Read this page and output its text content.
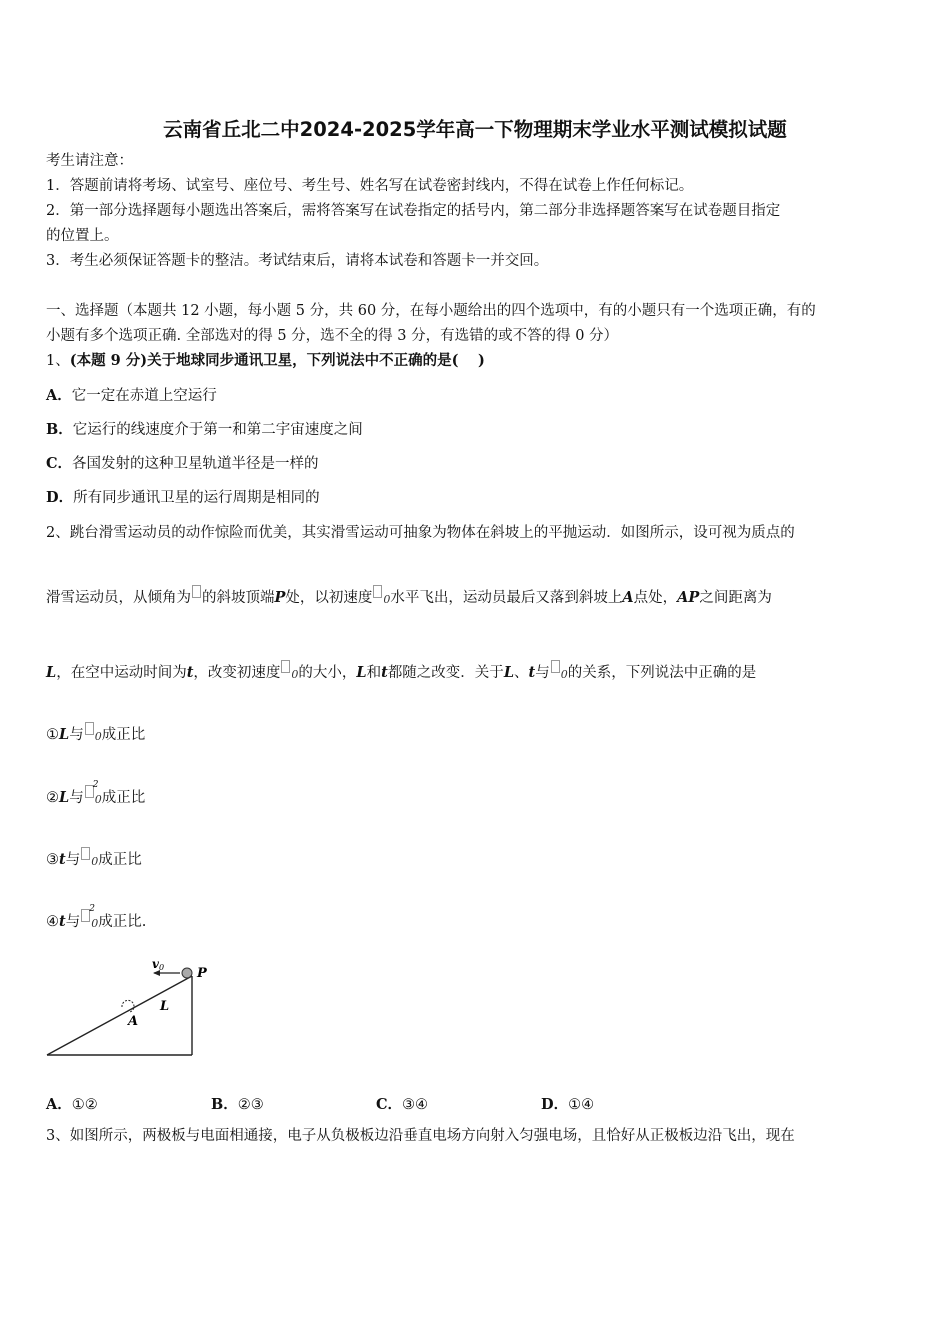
云南省丘北二中2024-2025学年高一下物理期末学业水平测试模拟试题
考生请注意：
1．答题前请将考场、试室号、座位号、考生号、姓名写在试卷密封线内，不得在试卷上作任何标记。
2．第一部分选择题每小题选出答案后，需将答案写在试卷指定的括号内，第二部分非选择题答案写在试卷题目指定
的位置上。
3．考生必须保证答题卡的整洁。考试结束后，请将本试卷和答题卡一并交回。
一、选择题（本题共 12 小题，每小题 5 分，共 60 分，在每小题给出的四个选项中，有的小题只有一个选项正确，有的
小题有多个选项正确. 全部选对的得 5 分，选不全的得 3 分，有选错的或不答的得 0 分）
1、(本题 9 分)关于地球同步通讯卫星，下列说法中不正确的是(　 )
A．它一定在赤道上空运行
B．它运行的线速度介于第一和第二宇宙速度之间
C．各国发射的这种卫星轨道半径是一样的
D．所有同步通讯卫星的运行周期是相同的
2、跳台滑雪运动员的动作惊险而优美，其实滑雪运动可抽象为物体在斜坡上的平抛运动．如图所示，设可视为质点的
滑雪运动员，从倾角为 的斜坡顶端P处，以初速度 0水平飞出，运动员最后又落到斜坡上A点处，AP之间距离为
L，在空中运动时间为t，改变初速度 0的大小，L和t都随之改变．关于L、t与 0的关系，下列说法中正确的是
①L与 0成正比
②L与 0
2
成正比
③t与 0成正比
④t与 0
2
成正比.
v 0	P
L
A
A．①②	B．②③	C．③④	D．①④
3、如图所示，两极板与电面相通接，电子从负极板边沿垂直电场方向射入匀强电场，且恰好从正极板边沿飞出，现在
